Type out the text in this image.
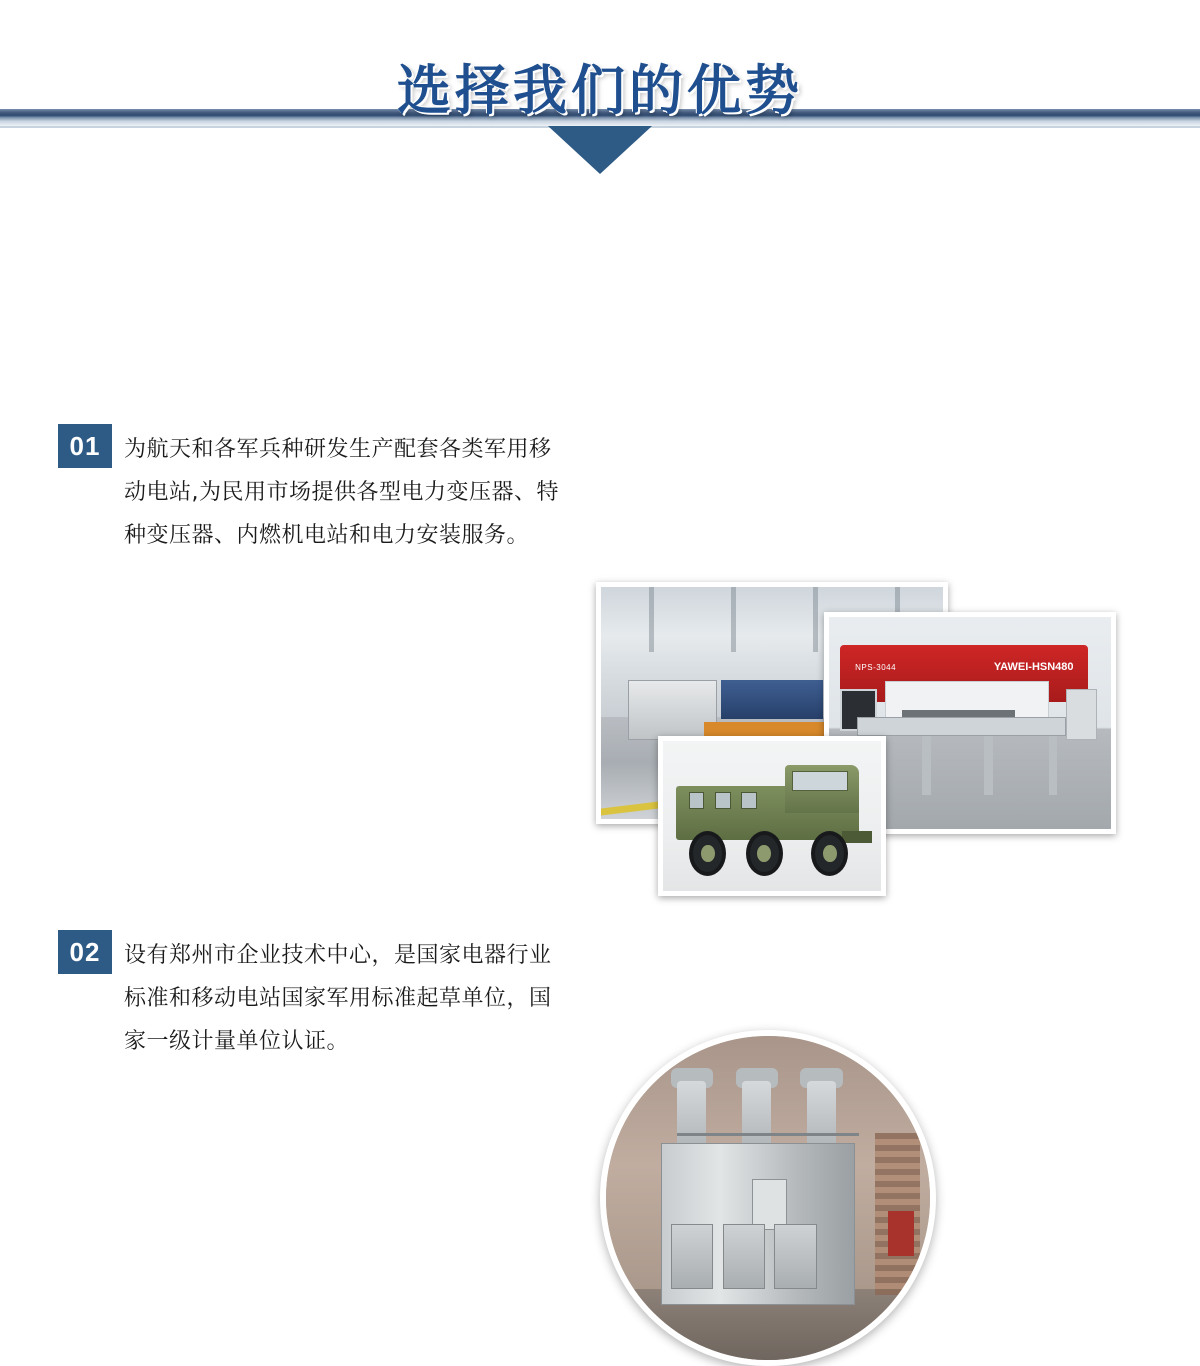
选择我们的优势
01	为航天和各军兵种研发生产配套各类军用移
动电站,为民用市场提供各型电力变压器、特
种变压器、内燃机电站和电力安装服务。
NPS-3044	YAWEI-HSN480
02	设有郑州市企业技术中心，是国家电器行业
标准和移动电站国家军用标准起草单位，国
家一级计量单位认证。
